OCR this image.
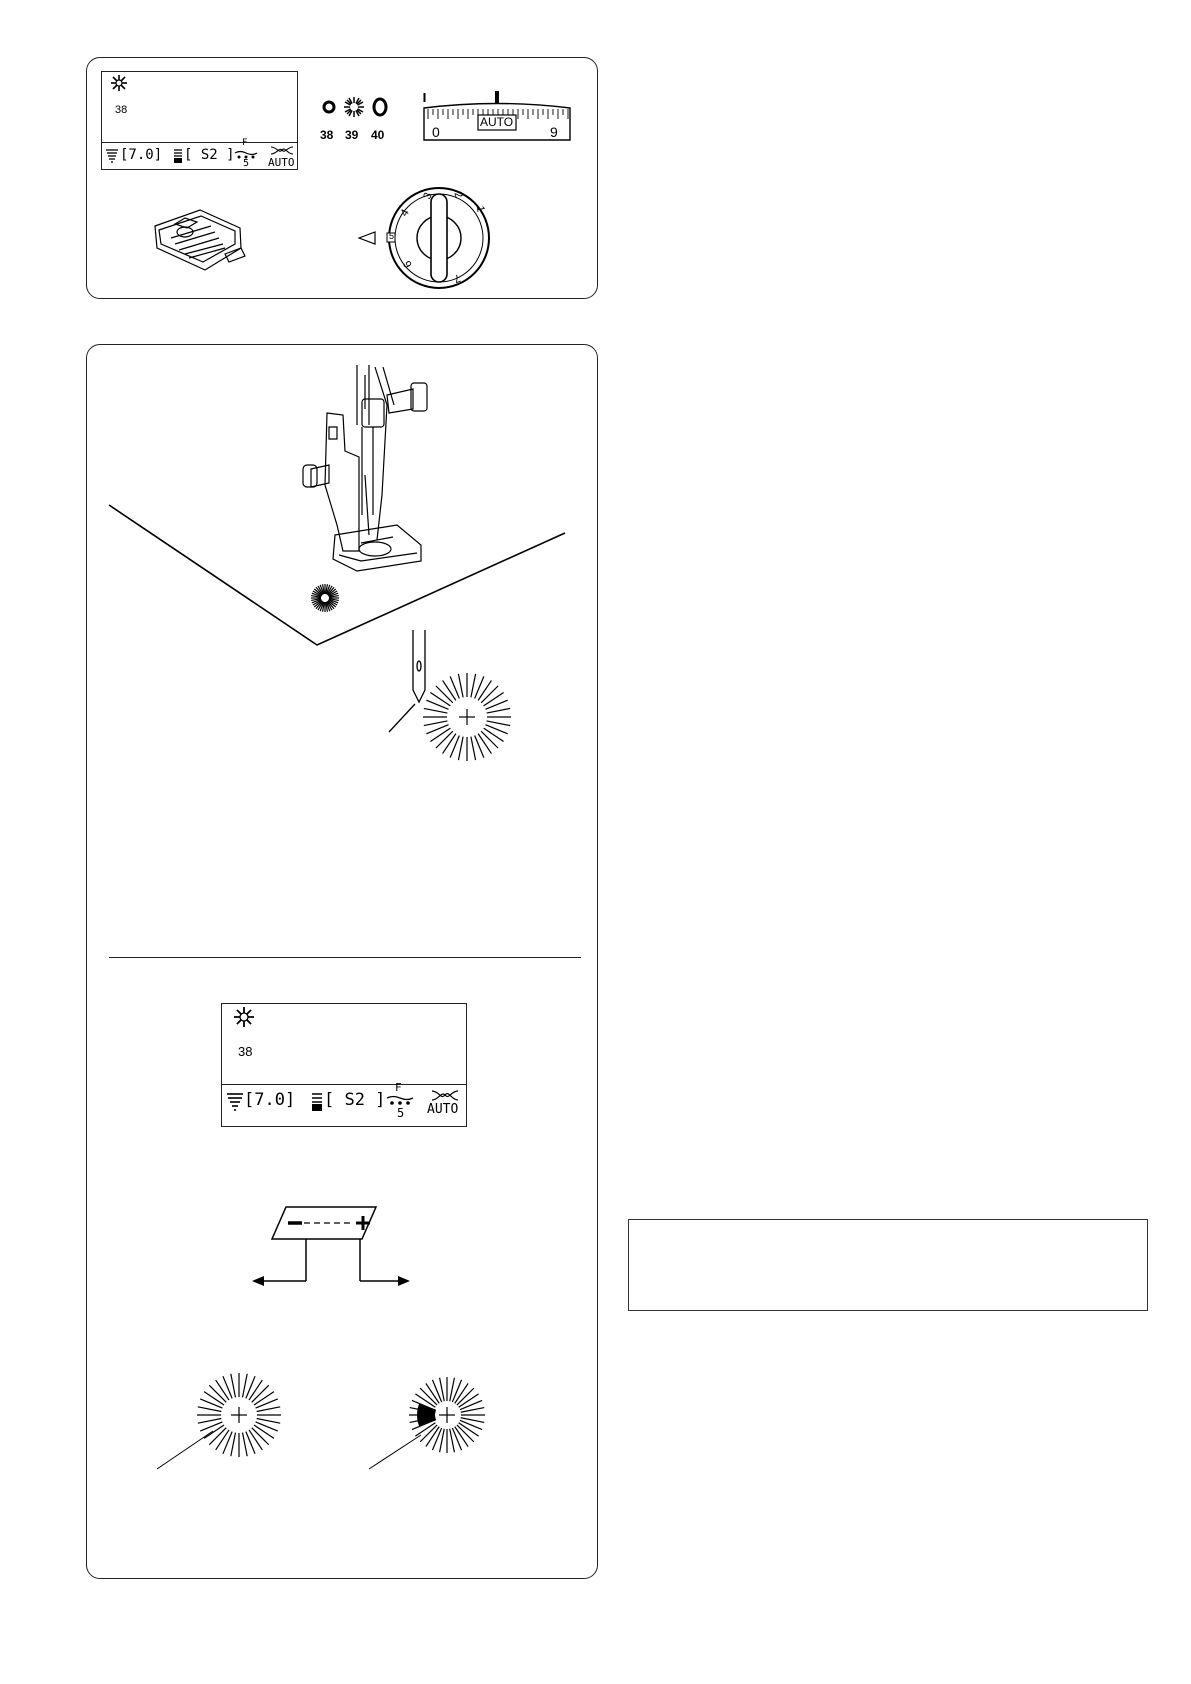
38
[7.0] [ S2 ]
F
5 AUTO
38 39 40
AUTO
0	9
3 2
1
4
5
6
7
38
[7.0] [ S2 ]
F
5 AUTO
